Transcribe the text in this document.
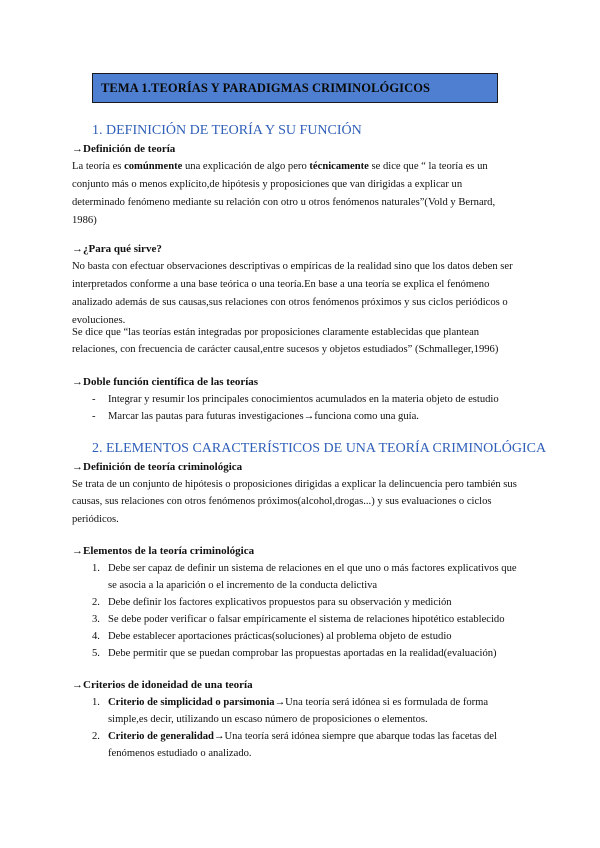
TEMA 1.TEORÍAS Y PARADIGMAS CRIMINOLÓGICOS
1. DEFINICIÓN DE TEORÍA Y SU FUNCIÓN
→Definición de teoría
La teoría es comúnmente una explicación de algo pero técnicamente se dice que “ la teoría es un
conjunto más o menos explícito,de hipótesis y proposiciones que van dirigidas a explicar un
determinado fenómeno mediante su relación con otro u otros fenómenos naturales”(Vold y Bernard,
1986)
→¿Para qué sirve?
No basta con efectuar observaciones descriptivas o empíricas de la realidad sino que los datos deben ser
interpretados conforme a una base teórica o una teoría.En base a una teoría se explica el fenómeno
analizado además de sus causas,sus relaciones con otros fenómenos próximos y sus ciclos periódicos o
evoluciones.
Se dice que “las teorías están integradas por proposiciones claramente establecidas que plantean
relaciones, con frecuencia de carácter causal,entre sucesos y objetos estudiados” (Schmalleger,1996)
→Doble función científica de las teorías
- Integrar y resumir los principales conocimientos acumulados en la materia objeto de estudio
- Marcar las pautas para futuras investigaciones→funciona como una guía.
2. ELEMENTOS CARACTERÍSTICOS DE UNA TEORÍA CRIMINOLÓGICA
→Definición de teoría criminológica
Se trata de un conjunto de hipótesis o proposiciones dirigidas a explicar la delincuencia pero también sus
causas, sus relaciones con otros fenómenos próximos(alcohol,drogas...) y sus evaluaciones o ciclos
periódicos.
→Elementos de la teoría criminológica
1. Debe ser capaz de definir un sistema de relaciones en el que uno o más factores explicativos que
se asocia a la aparición o el incremento de la conducta delictiva
2. Debe definir los factores explicativos propuestos para su observación y medición
3. Se debe poder verificar o falsar empíricamente el sistema de relaciones hipotético establecido
4. Debe establecer aportaciones prácticas(soluciones) al problema objeto de estudio
5. Debe permitir que se puedan comprobar las propuestas aportadas en la realidad(evaluación)
→Criterios de idoneidad de una teoría
1. Criterio de simplicidad o parsimonia→Una teoría será idónea si es formulada de forma
simple,es decir, utilizando un escaso número de proposiciones o elementos.
2. Criterio de generalidad→Una teoría será idónea siempre que abarque todas las facetas del
fenómenos estudiado o analizado.
